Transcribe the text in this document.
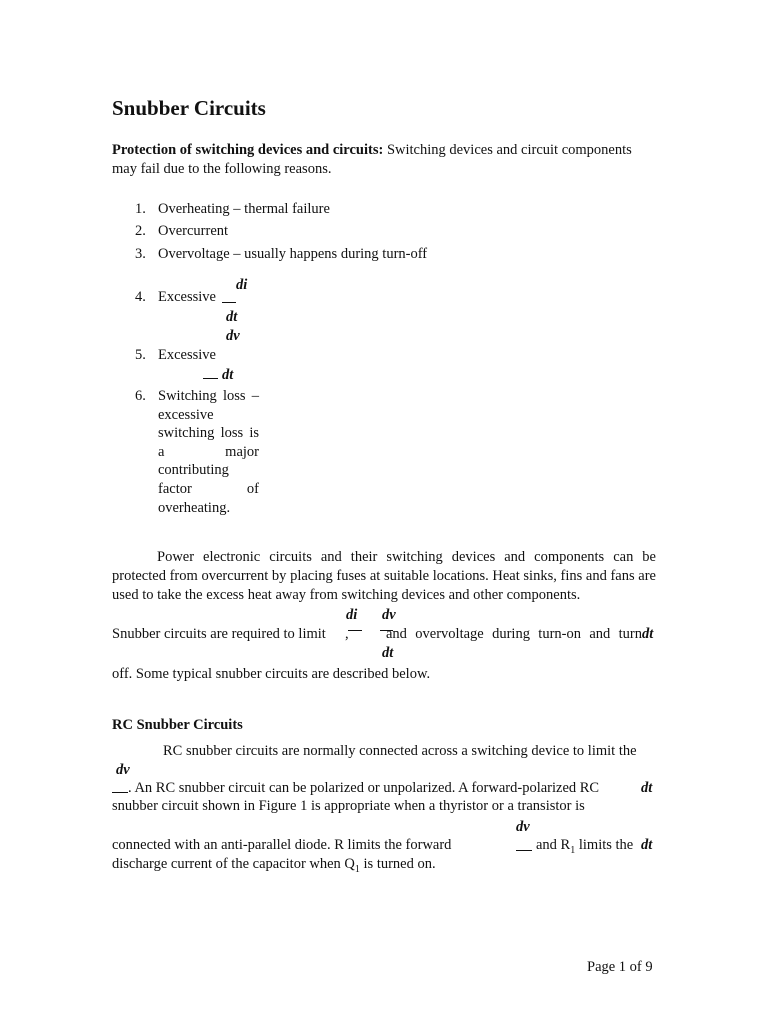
Snubber Circuits
Protection of switching devices and circuits: Switching devices and circuit components
may fail due to the following reasons.
1. Overheating – thermal failure
2. Overcurrent
3. Overvoltage – usually happens during turn-off
4. Excessive
di
dt
dv
5. Excessive
dt
6. Switching loss – excessive switching loss is a major contributing factor of overheating.
Power electronic circuits and their switching devices and components can be protected from overcurrent by placing fuses at suitable locations. Heat sinks, fins and fans are used to take the excess heat away from switching devices and other components.
di dv
Snubber circuits are required to limit ,	and overvoltage during turn-on and turn dt
dt
off. Some typical snubber circuits are described below.
RC Snubber Circuits
RC snubber circuits are normally connected across a switching device to limit the
dv
. An RC snubber circuit can be polarized or unpolarized. A forward-polarized RC	dt
snubber circuit shown in Figure 1 is appropriate when a thyristor or a transistor is
dv
connected with an anti-parallel diode. R limits the forward	and $R_1$ limits the dt
discharge current of the capacitor when $Q_1$ is turned on.
Page 1 of 9
